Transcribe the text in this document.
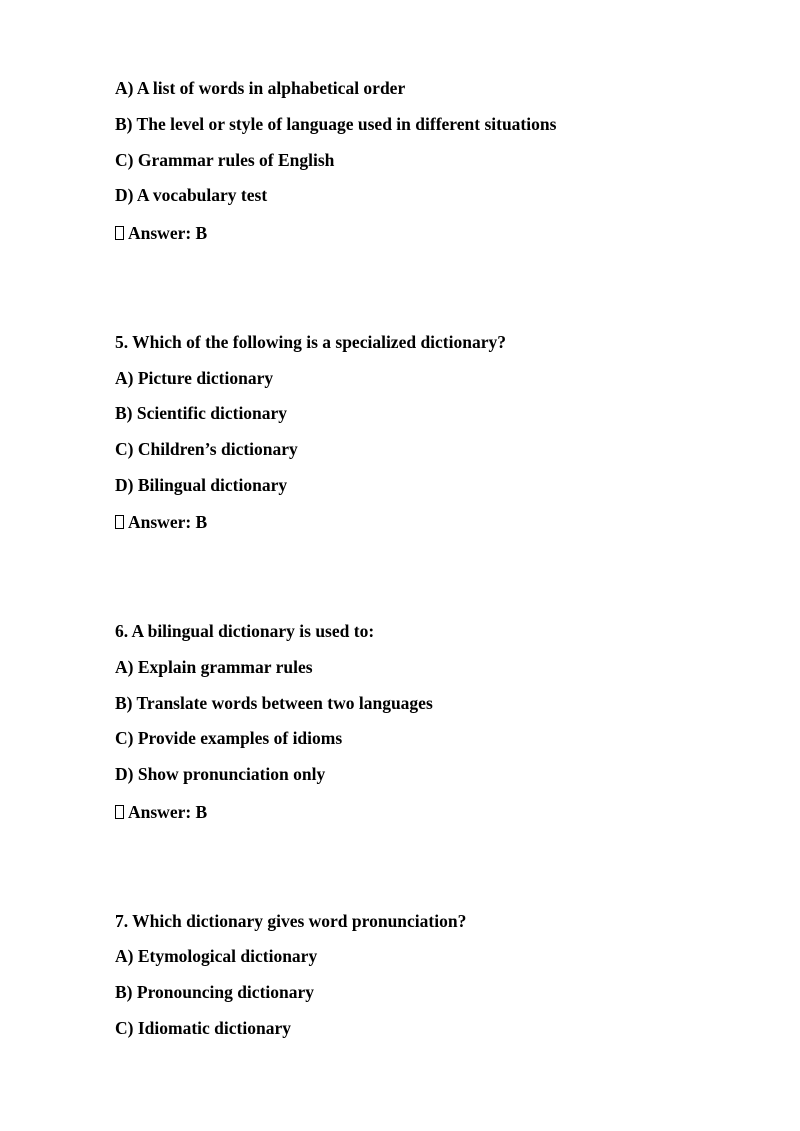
A) A list of words in alphabetical order
B) The level or style of language used in different situations
C) Grammar rules of English
D) A vocabulary test
Answer: B
5. Which of the following is a specialized dictionary?
A) Picture dictionary
B) Scientific dictionary
C) Children’s dictionary
D) Bilingual dictionary
Answer: B
6. A bilingual dictionary is used to:
A) Explain grammar rules
B) Translate words between two languages
C) Provide examples of idioms
D) Show pronunciation only
Answer: B
7. Which dictionary gives word pronunciation?
A) Etymological dictionary
B) Pronouncing dictionary
C) Idiomatic dictionary
